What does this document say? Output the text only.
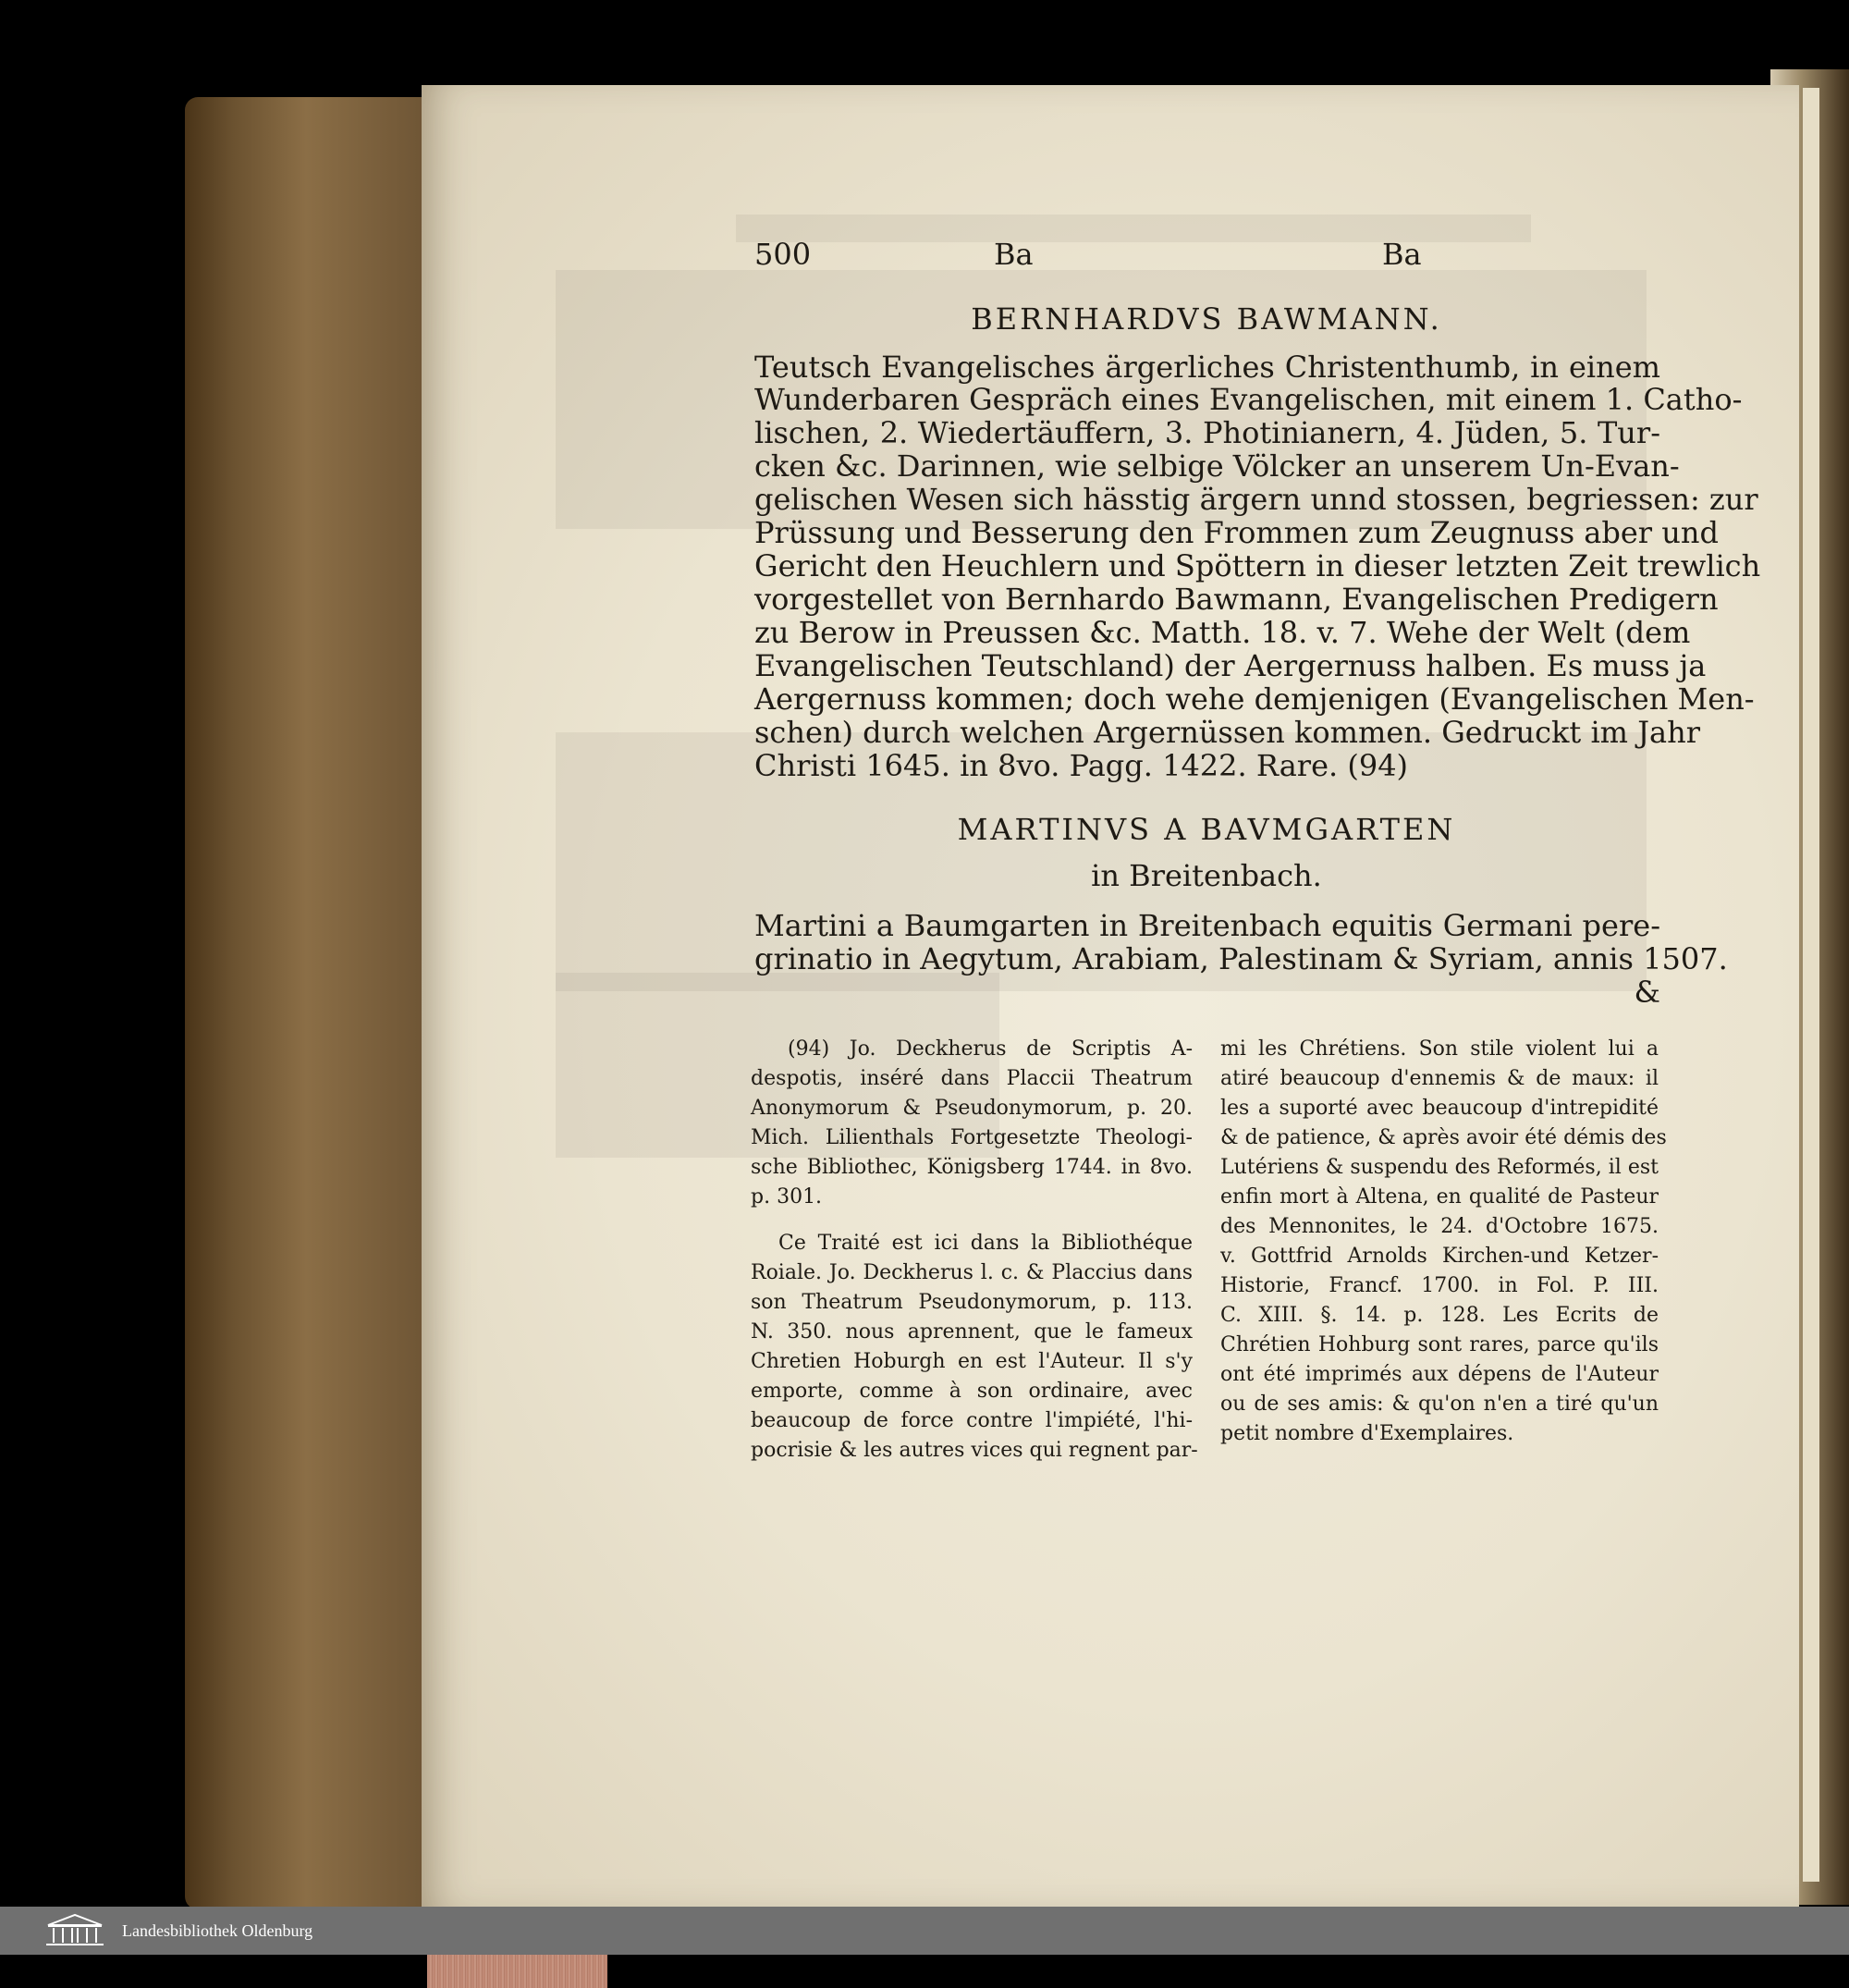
500	Ba	Ba
BERNHARDVS BAWMANN.
Teutsch Evangelisches ärgerliches Christenthumb, in einem
Wunderbaren Gespräch eines Evangelischen, mit einem 1. Catho-
lischen, 2. Wiedertäuffern, 3. Photinianern, 4. Jüden, 5. Tur-
cken &c. Darinnen, wie selbige Völcker an unserem Un-Evan-
gelischen Wesen sich hässtig ärgern unnd stossen, begriessen: zur
Prüssung und Besserung den Frommen zum Zeugnuss aber und
Gericht den Heuchlern und Spöttern in dieser letzten Zeit trewlich
vorgestellet von Bernhardo Bawmann, Evangelischen Predigern
zu Berow in Preussen &c. Matth. 18. v. 7. Wehe der Welt (dem
Evangelischen Teutschland) der Aergernuss halben. Es muss ja
Aergernuss kommen; doch wehe demjenigen (Evangelischen Men-
schen) durch welchen Argernüssen kommen. Gedruckt im Jahr
Christi 1645. in 8vo. Pagg. 1422. Rare. (94)
MARTINVS A BAVMGARTEN
in Breitenbach.
Martini a Baumgarten in Breitenbach equitis Germani pere-
grinatio in Aegytum, Arabiam, Palestinam & Syriam, annis 1507.
&
(94) Jo. Deckherus de Scriptis A-
despotis, inséré dans Placcii Theatrum
Anonymorum & Pseudonymorum, p. 20.
Mich. Lilienthals Fortgesetzte Theologi-
sche Bibliothec, Königsberg 1744. in 8vo.
p. 301.
Ce Traité est ici dans la Bibliothéque
Roiale. Jo. Deckherus l. c. & Placcius dans
son Theatrum Pseudonymorum, p. 113.
N. 350. nous aprennent, que le fameux
Chretien Hoburgh en est l'Auteur. Il s'y
emporte, comme à son ordinaire, avec
beaucoup de force contre l'impiété, l'hi-
pocrisie & les autres vices qui regnent par-
mi les Chrétiens. Son stile violent lui a
atiré beaucoup d'ennemis & de maux: il
les a suporté avec beaucoup d'intrepidité
& de patience, & après avoir été démis des
Lutériens & suspendu des Reformés, il est
enfin mort à Altena, en qualité de Pasteur
des Mennonites, le 24. d'Octobre 1675.
v. Gottfrid Arnolds Kirchen-und Ketzer-
Historie, Francf. 1700. in Fol. P. III.
C. XIII. §. 14. p. 128. Les Ecrits de
Chrétien Hohburg sont rares, parce qu'ils
ont été imprimés aux dépens de l'Auteur
ou de ses amis: & qu'on n'en a tiré qu'un
petit nombre d'Exemplaires.
Landesbibliothek Oldenburg
